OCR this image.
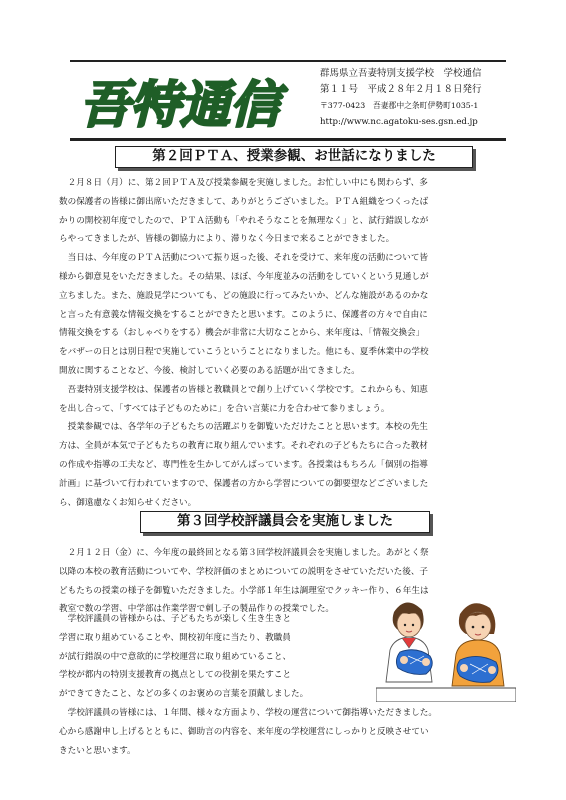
吾特通信
群馬県立吾妻特別支援学校　学校通信
第１１号　平成２８年２月１８日発行
〒377-0423　吾妻郡中之条町伊勢町1035-1
http://www.nc.agatoku-ses.gsn.ed.jp
第２回ＰＴＡ、授業参観、お世話になりました
　２月８日（月）に、第２回ＰＴＡ及び授業参観を実施しました。お忙しい中にも関わらず、多
数の保護者の皆様に御出席いただきまして、ありがとうございました。ＰＴＡ組織をつくったば
かりの開校初年度でしたので、ＰＴＡ活動も「やれそうなことを無理なく」と、試行錯誤しなが
らやってきましたが、皆様の御協力により、滞りなく今日まで来ることができました。
　当日は、今年度のＰＴＡ活動について振り返った後、それを受けて、来年度の活動について皆
様から御意見をいただきました。その結果、ほぼ、今年度並みの活動をしていくという見通しが
立ちました。また、施設見学についても、どの施設に行ってみたいか、どんな施設があるのかな
と言った有意義な情報交換をすることができたと思います。このように、保護者の方々で自由に
情報交換をする（おしゃべりをする）機会が非常に大切なことから、来年度は、「情報交換会」
をバザーの日とは別日程で実施していこうということになりました。他にも、夏季休業中の学校
開放に関することなど、今後、検討していく必要のある話題が出てきました。
　吾妻特別支援学校は、保護者の皆様と教職員とで創り上げていく学校です。これからも、知恵
を出し合って、「すべては子どものために」を合い言葉に力を合わせて参りましょう。
　授業参観では、各学年の子どもたちの活躍ぶりを御覧いただけたことと思います。本校の先生
方は、全員が本気で子どもたちの教育に取り組んでいます。それぞれの子どもたちに合った教材
の作成や指導の工夫など、専門性を生かしてがんばっています。各授業はもちろん「個別の指導
計画」に基づいて行われていますので、保護者の方から学習についての御要望などございました
ら、御遠慮なくお知らせください。
第３回学校評議員会を実施しました
　２月１２日（金）に、今年度の最終回となる第３回学校評議員会を実施しました。あがとく祭
以降の本校の教育活動についてや、学校評価のまとめについての説明をさせていただいた後、子
どもたちの授業の様子を御覧いただきました。小学部１年生は調理室でクッキー作り、６年生は
教室で数の学習、中学部は作業学習で刺し子の製品作りの授業でした。
　学校評議員の皆様からは、子どもたちが楽しく生き生きと
学習に取り組めていることや、開校初年度に当たり、教職員
が試行錯誤の中で意欲的に学校運営に取り組めていること、
学校が都内の特別支援教育の拠点としての役割を果たすこと
ができてきたこと、などの多くのお褒めの言葉を頂戴しました。
　学校評議員の皆様には、１年間、様々な方面より、学校の運営について御指導いただきました。
心から感謝申し上げるとともに、御助言の内容を、来年度の学校運営にしっかりと反映させてい
きたいと思います。
